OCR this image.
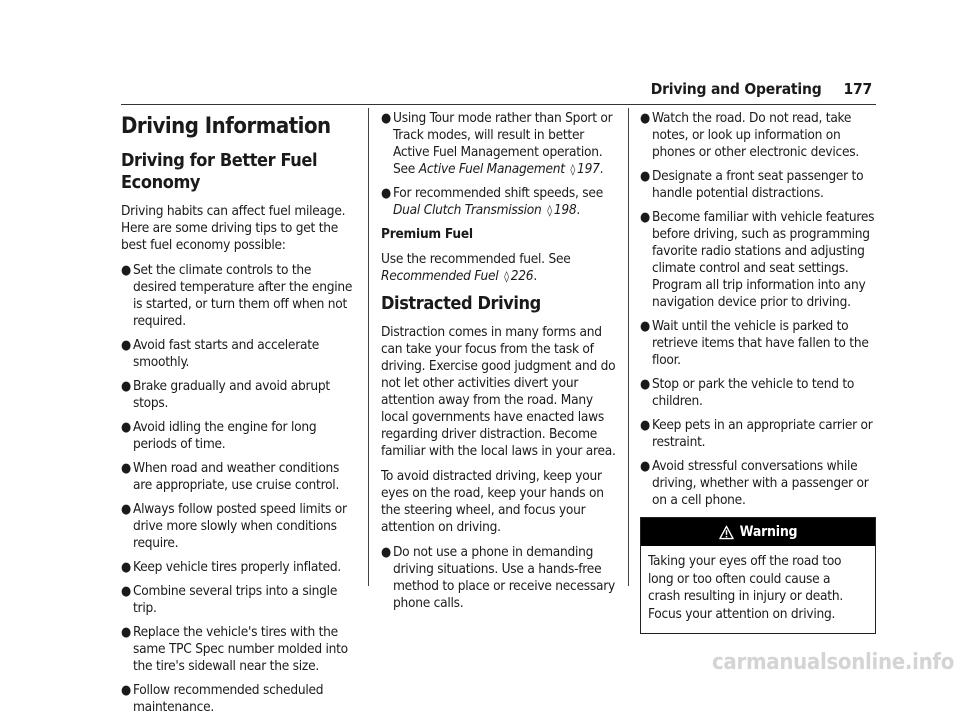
Driving and Operating 177
Driving Information
Driving for Better Fuel Economy

Driving habits can affect fuel mileage. Here are some driving tips to get the best fuel economy possible:

● Set the climate controls to the desired temperature after the engine is started, or turn them off when not required.
● Avoid fast starts and accelerate smoothly.
● Brake gradually and avoid abrupt stops.
● Avoid idling the engine for long periods of time.
● When road and weather conditions are appropriate, use cruise control.
● Always follow posted speed limits or drive more slowly when conditions require.
● Keep vehicle tires properly inflated.
● Combine several trips into a single trip.
● Replace the vehicle's tires with the same TPC Spec number molded into the tire's sidewall near the size.
● Follow recommended scheduled maintenance.
● Using Tour mode rather than Sport or Track modes, will result in better Active Fuel Management operation. See Active Fuel Management ◊ 197.
● For recommended shift speeds, see Dual Clutch Transmission ◊ 198.
Premium Fuel

Use the recommended fuel. See Recommended Fuel ◊ 226.

Distracted Driving

Distraction comes in many forms and can take your focus from the task of driving. Exercise good judgment and do not let other activities divert your attention away from the road. Many local governments have enacted laws regarding driver distraction. Become familiar with the local laws in your area.

To avoid distracted driving, keep your eyes on the road, keep your hands on the steering wheel, and focus your attention on driving.

● Do not use a phone in demanding driving situations. Use a hands-free method to place or receive necessary phone calls.
● Watch the road. Do not read, take notes, or look up information on phones or other electronic devices.
● Designate a front seat passenger to handle potential distractions.
● Become familiar with vehicle features before driving, such as programming favorite radio stations and adjusting climate control and seat settings. Program all trip information into any navigation device prior to driving.
● Wait until the vehicle is parked to retrieve items that have fallen to the floor.
● Stop or park the vehicle to tend to children.
● Keep pets in an appropriate carrier or restraint.
● Avoid stressful conversations while driving, whether with a passenger or on a cell phone.
Warning
Taking your eyes off the road too long or too often could cause a crash resulting in injury or death. Focus your attention on driving.
carmanualsonline.info
